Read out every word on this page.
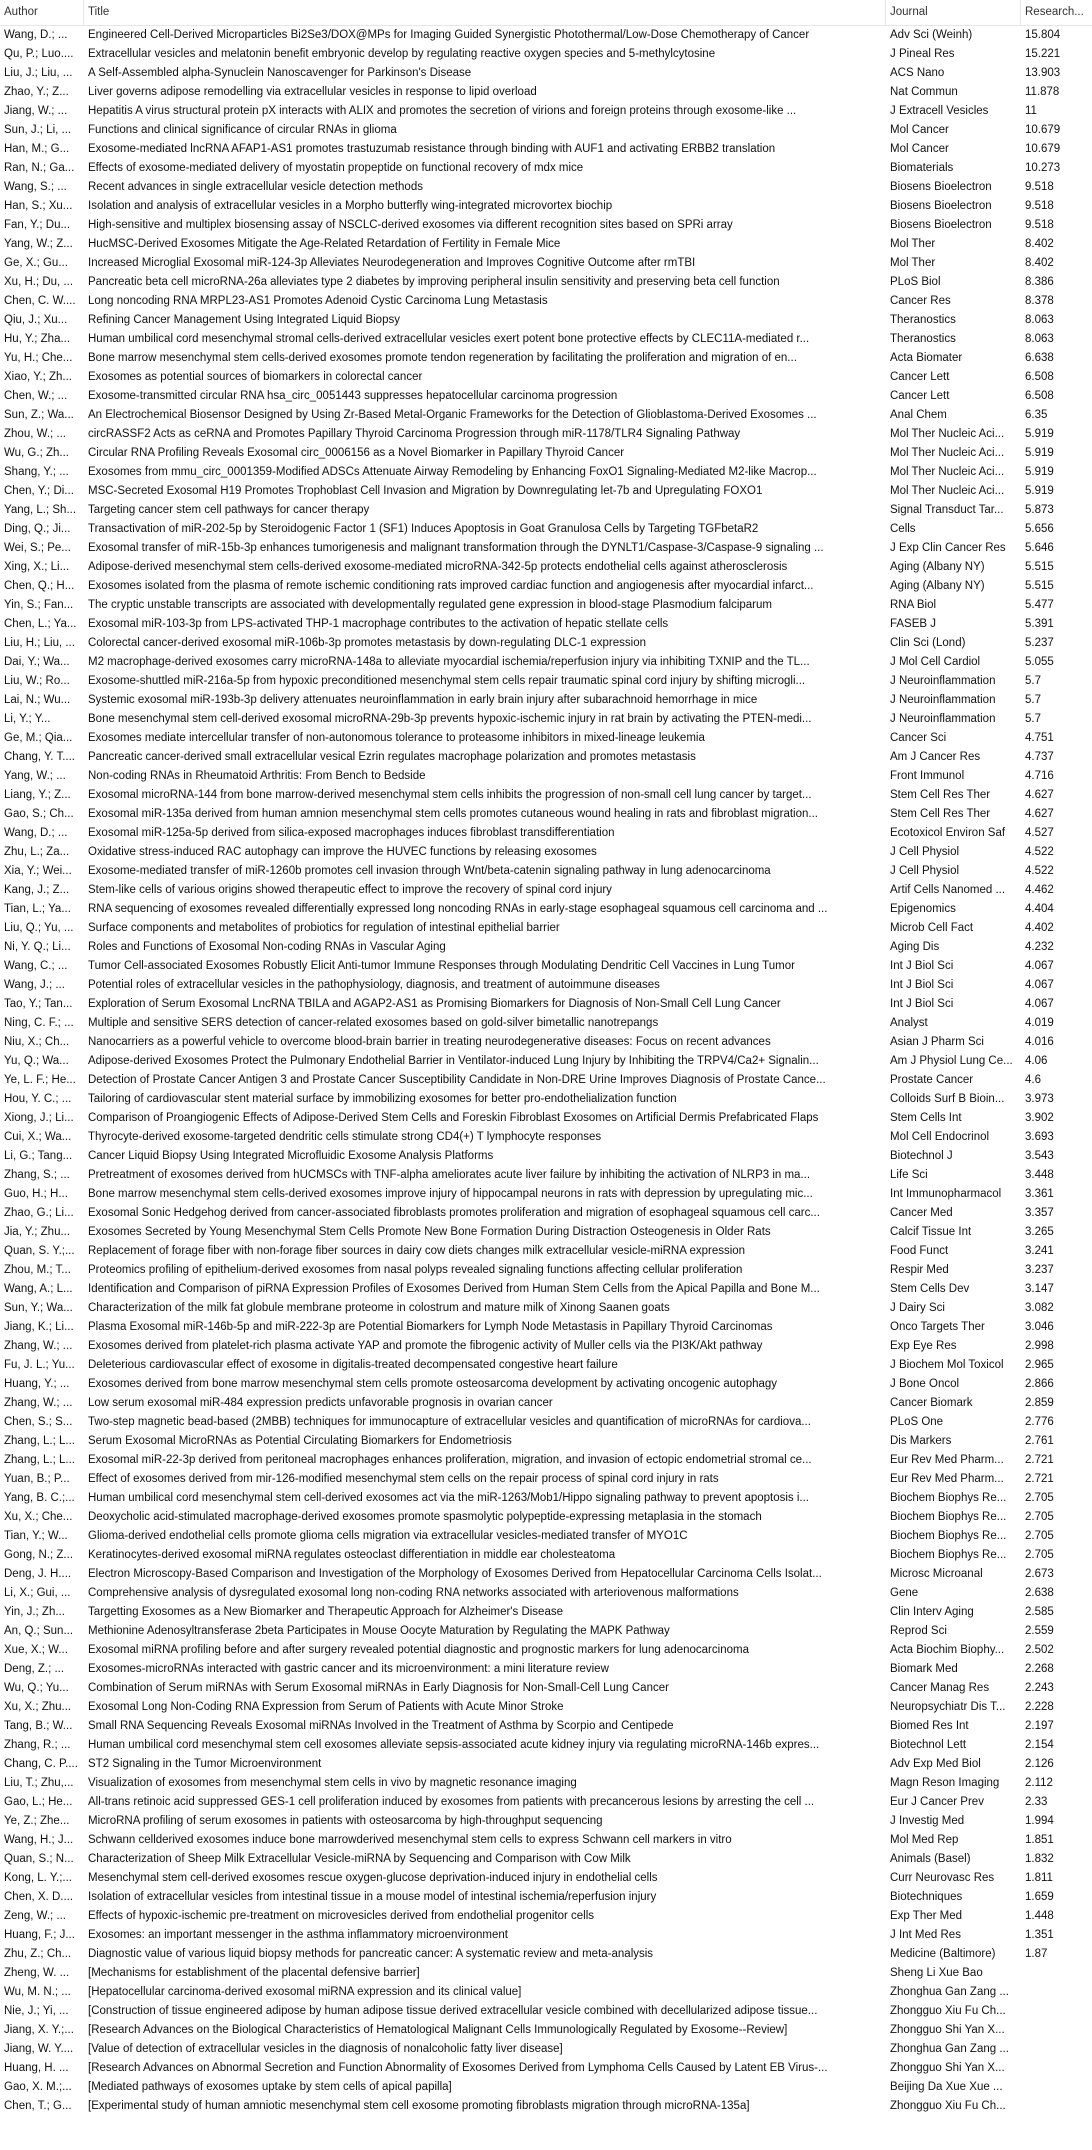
Author	Title	Journal	Research...
Wang, D.; ...	Engineered Cell-Derived Microparticles Bi2Se3/DOX@MPs for Imaging Guided Synergistic Photothermal/Low-Dose Chemotherapy of Cancer	Adv Sci (Weinh)	15.804
Qu, P.; Luo....	Extracellular vesicles and melatonin benefit embryonic develop by regulating reactive oxygen species and 5-methylcytosine	J Pineal Res	15.221
Liu, J.; Liu, ...	A Self-Assembled alpha-Synuclein Nanoscavenger for Parkinson's Disease	ACS Nano	13.903
Zhao, Y.; Z...	Liver governs adipose remodelling via extracellular vesicles in response to lipid overload	Nat Commun	11.878
Jiang, W.; ...	Hepatitis A virus structural protein pX interacts with ALIX and promotes the secretion of virions and foreign proteins through exosome-like ...	J Extracell Vesicles	11
Sun, J.; Li, ...	Functions and clinical significance of circular RNAs in glioma	Mol Cancer	10.679
Han, M.; G...	Exosome-mediated lncRNA AFAP1-AS1 promotes trastuzumab resistance through binding with AUF1 and activating ERBB2 translation	Mol Cancer	10.679
Ran, N.; Ga...	Effects of exosome-mediated delivery of myostatin propeptide on functional recovery of mdx mice	Biomaterials	10.273
Wang, S.; ...	Recent advances in single extracellular vesicle detection methods	Biosens Bioelectron	9.518
Han, S.; Xu...	Isolation and analysis of extracellular vesicles in a Morpho butterfly wing-integrated microvortex biochip	Biosens Bioelectron	9.518
Fan, Y.; Du...	High-sensitive and multiplex biosensing assay of NSCLC-derived exosomes via different recognition sites based on SPRi array	Biosens Bioelectron	9.518
Yang, W.; Z...	HucMSC-Derived Exosomes Mitigate the Age-Related Retardation of Fertility in Female Mice	Mol Ther	8.402
Ge, X.; Gu...	Increased Microglial Exosomal miR-124-3p Alleviates Neurodegeneration and Improves Cognitive Outcome after rmTBI	Mol Ther	8.402
Xu, H.; Du, ...	Pancreatic beta cell microRNA-26a alleviates type 2 diabetes by improving peripheral insulin sensitivity and preserving beta cell function	PLoS Biol	8.386
Chen, C. W....	Long noncoding RNA MRPL23-AS1 Promotes Adenoid Cystic Carcinoma Lung Metastasis	Cancer Res	8.378
Qiu, J.; Xu...	Refining Cancer Management Using Integrated Liquid Biopsy	Theranostics	8.063
Hu, Y.; Zha...	Human umbilical cord mesenchymal stromal cells-derived extracellular vesicles exert potent bone protective effects by CLEC11A-mediated r...	Theranostics	8.063
Yu, H.; Che...	Bone marrow mesenchymal stem cells-derived exosomes promote tendon regeneration by facilitating the proliferation and migration of en...	Acta Biomater	6.638
Xiao, Y.; Zh...	Exosomes as potential sources of biomarkers in colorectal cancer	Cancer Lett	6.508
Chen, W.; ...	Exosome-transmitted circular RNA hsa_circ_0051443 suppresses hepatocellular carcinoma progression	Cancer Lett	6.508
Sun, Z.; Wa...	An Electrochemical Biosensor Designed by Using Zr-Based Metal-Organic Frameworks for the Detection of Glioblastoma-Derived Exosomes ...	Anal Chem	6.35
Zhou, W.; ...	circRASSF2 Acts as ceRNA and Promotes Papillary Thyroid Carcinoma Progression through miR-1178/TLR4 Signaling Pathway	Mol Ther Nucleic Aci...	5.919
Wu, G.; Zh...	Circular RNA Profiling Reveals Exosomal circ_0006156 as a Novel Biomarker in Papillary Thyroid Cancer	Mol Ther Nucleic Aci...	5.919
Shang, Y.; ...	Exosomes from mmu_circ_0001359-Modified ADSCs Attenuate Airway Remodeling by Enhancing FoxO1 Signaling-Mediated M2-like Macrop...	Mol Ther Nucleic Aci...	5.919
Chen, Y.; Di...	MSC-Secreted Exosomal H19 Promotes Trophoblast Cell Invasion and Migration by Downregulating let-7b and Upregulating FOXO1	Mol Ther Nucleic Aci...	5.919
Yang, L.; Sh...	Targeting cancer stem cell pathways for cancer therapy	Signal Transduct Tar...	5.873
Ding, Q.; Ji...	Transactivation of miR-202-5p by Steroidogenic Factor 1 (SF1) Induces Apoptosis in Goat Granulosa Cells by Targeting TGFbetaR2	Cells	5.656
Wei, S.; Pe...	Exosomal transfer of miR-15b-3p enhances tumorigenesis and malignant transformation through the DYNLT1/Caspase-3/Caspase-9 signaling ...	J Exp Clin Cancer Res	5.646
Xing, X.; Li...	Adipose-derived mesenchymal stem cells-derived exosome-mediated microRNA-342-5p protects endothelial cells against atherosclerosis	Aging (Albany NY)	5.515
Chen, Q.; H...	Exosomes isolated from the plasma of remote ischemic conditioning rats improved cardiac function and angiogenesis after myocardial infarct...	Aging (Albany NY)	5.515
Yin, S.; Fan...	The cryptic unstable transcripts are associated with developmentally regulated gene expression in blood-stage Plasmodium falciparum	RNA Biol	5.477
Chen, L.; Ya...	Exosomal miR-103-3p from LPS-activated THP-1 macrophage contributes to the activation of hepatic stellate cells	FASEB J	5.391
Liu, H.; Liu, ...	Colorectal cancer-derived exosomal miR-106b-3p promotes metastasis by down-regulating DLC-1 expression	Clin Sci (Lond)	5.237
Dai, Y.; Wa...	M2 macrophage-derived exosomes carry microRNA-148a to alleviate myocardial ischemia/reperfusion injury via inhibiting TXNIP and the TL...	J Mol Cell Cardiol	5.055
Liu, W.; Ro...	Exosome-shuttled miR-216a-5p from hypoxic preconditioned mesenchymal stem cells repair traumatic spinal cord injury by shifting microgli...	J Neuroinflammation	5.7
Lai, N.; Wu...	Systemic exosomal miR-193b-3p delivery attenuates neuroinflammation in early brain injury after subarachnoid hemorrhage in mice	J Neuroinflammation	5.7
Li, Y.; Y...	Bone mesenchymal stem cell-derived exosomal microRNA-29b-3p prevents hypoxic-ischemic injury in rat brain by activating the PTEN-medi...	J Neuroinflammation	5.7
Ge, M.; Qia...	Exosomes mediate intercellular transfer of non-autonomous tolerance to proteasome inhibitors in mixed-lineage leukemia	Cancer Sci	4.751
Chang, Y. T....	Pancreatic cancer-derived small extracellular vesical Ezrin regulates macrophage polarization and promotes metastasis	Am J Cancer Res	4.737
Yang, W.; ...	Non-coding RNAs in Rheumatoid Arthritis: From Bench to Bedside	Front Immunol	4.716
Liang, Y.; Z...	Exosomal microRNA-144 from bone marrow-derived mesenchymal stem cells inhibits the progression of non-small cell lung cancer by target...	Stem Cell Res Ther	4.627
Gao, S.; Ch...	Exosomal miR-135a derived from human amnion mesenchymal stem cells promotes cutaneous wound healing in rats and fibroblast migration...	Stem Cell Res Ther	4.627
Wang, D.; ...	Exosomal miR-125a-5p derived from silica-exposed macrophages induces fibroblast transdifferentiation	Ecotoxicol Environ Saf	4.527
Zhu, L.; Za...	Oxidative stress-induced RAC autophagy can improve the HUVEC functions by releasing exosomes	J Cell Physiol	4.522
Xia, Y.; Wei...	Exosome-mediated transfer of miR-1260b promotes cell invasion through Wnt/beta-catenin signaling pathway in lung adenocarcinoma	J Cell Physiol	4.522
Kang, J.; Z...	Stem-like cells of various origins showed therapeutic effect to improve the recovery of spinal cord injury	Artif Cells Nanomed ...	4.462
Tian, L.; Ya...	RNA sequencing of exosomes revealed differentially expressed long noncoding RNAs in early-stage esophageal squamous cell carcinoma and ...	Epigenomics	4.404
Liu, Q.; Yu, ...	Surface components and metabolites of probiotics for regulation of intestinal epithelial barrier	Microb Cell Fact	4.402
Ni, Y. Q.; Li...	Roles and Functions of Exosomal Non-coding RNAs in Vascular Aging	Aging Dis	4.232
Wang, C.; ...	Tumor Cell-associated Exosomes Robustly Elicit Anti-tumor Immune Responses through Modulating Dendritic Cell Vaccines in Lung Tumor	Int J Biol Sci	4.067
Wang, J.; ...	Potential roles of extracellular vesicles in the pathophysiology, diagnosis, and treatment of autoimmune diseases	Int J Biol Sci	4.067
Tao, Y.; Tan...	Exploration of Serum Exosomal LncRNA TBILA and AGAP2-AS1 as Promising Biomarkers for Diagnosis of Non-Small Cell Lung Cancer	Int J Biol Sci	4.067
Ning, C. F.; ...	Multiple and sensitive SERS detection of cancer-related exosomes based on gold-silver bimetallic nanotrepangs	Analyst	4.019
Niu, X.; Ch...	Nanocarriers as a powerful vehicle to overcome blood-brain barrier in treating neurodegenerative diseases: Focus on recent advances	Asian J Pharm Sci	4.016
Yu, Q.; Wa...	Adipose-derived Exosomes Protect the Pulmonary Endothelial Barrier in Ventilator-induced Lung Injury by Inhibiting the TRPV4/Ca2+ Signalin...	Am J Physiol Lung Ce...	4.06
Ye, L. F.; He...	Detection of Prostate Cancer Antigen 3 and Prostate Cancer Susceptibility Candidate in Non-DRE Urine Improves Diagnosis of Prostate Cance...	Prostate Cancer	4.6
Hou, Y. C.; ...	Tailoring of cardiovascular stent material surface by immobilizing exosomes for better pro-endothelialization function	Colloids Surf B Bioin...	3.973
Xiong, J.; Li...	Comparison of Proangiogenic Effects of Adipose-Derived Stem Cells and Foreskin Fibroblast Exosomes on Artificial Dermis Prefabricated Flaps	Stem Cells Int	3.902
Cui, X.; Wa...	Thyrocyte-derived exosome-targeted dendritic cells stimulate strong CD4(+) T lymphocyte responses	Mol Cell Endocrinol	3.693
Li, G.; Tang...	Cancer Liquid Biopsy Using Integrated Microfluidic Exosome Analysis Platforms	Biotechnol J	3.543
Zhang, S.; ...	Pretreatment of exosomes derived from hUCMSCs with TNF-alpha ameliorates acute liver failure by inhibiting the activation of NLRP3 in ma...	Life Sci	3.448
Guo, H.; H...	Bone marrow mesenchymal stem cells-derived exosomes improve injury of hippocampal neurons in rats with depression by upregulating mic...	Int Immunopharmacol	3.361
Zhao, G.; Li...	Exosomal Sonic Hedgehog derived from cancer-associated fibroblasts promotes proliferation and migration of esophageal squamous cell carc...	Cancer Med	3.357
Jia, Y.; Zhu...	Exosomes Secreted by Young Mesenchymal Stem Cells Promote New Bone Formation During Distraction Osteogenesis in Older Rats	Calcif Tissue Int	3.265
Quan, S. Y.;...	Replacement of forage fiber with non-forage fiber sources in dairy cow diets changes milk extracellular vesicle-miRNA expression	Food Funct	3.241
Zhou, M.; T...	Proteomics profiling of epithelium-derived exosomes from nasal polyps revealed signaling functions affecting cellular proliferation	Respir Med	3.237
Wang, A.; L...	Identification and Comparison of piRNA Expression Profiles of Exosomes Derived from Human Stem Cells from the Apical Papilla and Bone M...	Stem Cells Dev	3.147
Sun, Y.; Wa...	Characterization of the milk fat globule membrane proteome in colostrum and mature milk of Xinong Saanen goats	J Dairy Sci	3.082
Jiang, K.; Li...	Plasma Exosomal miR-146b-5p and miR-222-3p are Potential Biomarkers for Lymph Node Metastasis in Papillary Thyroid Carcinomas	Onco Targets Ther	3.046
Zhang, W.; ...	Exosomes derived from platelet-rich plasma activate YAP and promote the fibrogenic activity of Muller cells via the PI3K/Akt pathway	Exp Eye Res	2.998
Fu, J. L.; Yu...	Deleterious cardiovascular effect of exosome in digitalis-treated decompensated congestive heart failure	J Biochem Mol Toxicol	2.965
Huang, Y.; ...	Exosomes derived from bone marrow mesenchymal stem cells promote osteosarcoma development by activating oncogenic autophagy	J Bone Oncol	2.866
Zhang, W.; ...	Low serum exosomal miR-484 expression predicts unfavorable prognosis in ovarian cancer	Cancer Biomark	2.859
Chen, S.; S...	Two-step magnetic bead-based (2MBB) techniques for immunocapture of extracellular vesicles and quantification of microRNAs for cardiova...	PLoS One	2.776
Zhang, L.; L...	Serum Exosomal MicroRNAs as Potential Circulating Biomarkers for Endometriosis	Dis Markers	2.761
Zhang, L.; L...	Exosomal miR-22-3p derived from peritoneal macrophages enhances proliferation, migration, and invasion of ectopic endometrial stromal ce...	Eur Rev Med Pharm...	2.721
Yuan, B.; P...	Effect of exosomes derived from mir-126-modified mesenchymal stem cells on the repair process of spinal cord injury in rats	Eur Rev Med Pharm...	2.721
Yang, B. C.;...	Human umbilical cord mesenchymal stem cell-derived exosomes act via the miR-1263/Mob1/Hippo signaling pathway to prevent apoptosis i...	Biochem Biophys Re...	2.705
Xu, X.; Che...	Deoxycholic acid-stimulated macrophage-derived exosomes promote spasmolytic polypeptide-expressing metaplasia in the stomach	Biochem Biophys Re...	2.705
Tian, Y.; W...	Glioma-derived endothelial cells promote glioma cells migration via extracellular vesicles-mediated transfer of MYO1C	Biochem Biophys Re...	2.705
Gong, N.; Z...	Keratinocytes-derived exosomal miRNA regulates osteoclast differentiation in middle ear cholesteatoma	Biochem Biophys Re...	2.705
Deng, J. H....	Electron Microscopy-Based Comparison and Investigation of the Morphology of Exosomes Derived from Hepatocellular Carcinoma Cells Isolat...	Microsc Microanal	2.673
Li, X.; Gui, ...	Comprehensive analysis of dysregulated exosomal long non-coding RNA networks associated with arteriovenous malformations	Gene	2.638
Yin, J.; Zh...	Targetting Exosomes as a New Biomarker and Therapeutic Approach for Alzheimer's Disease	Clin Interv Aging	2.585
An, Q.; Sun...	Methionine Adenosyltransferase 2beta Participates in Mouse Oocyte Maturation by Regulating the MAPK Pathway	Reprod Sci	2.559
Xue, X.; W...	Exosomal miRNA profiling before and after surgery revealed potential diagnostic and prognostic markers for lung adenocarcinoma	Acta Biochim Biophy...	2.502
Deng, Z.; ...	Exosomes-microRNAs interacted with gastric cancer and its microenvironment: a mini literature review	Biomark Med	2.268
Wu, Q.; Yu...	Combination of Serum miRNAs with Serum Exosomal miRNAs in Early Diagnosis for Non-Small-Cell Lung Cancer	Cancer Manag Res	2.243
Xu, X.; Zhu...	Exosomal Long Non-Coding RNA Expression from Serum of Patients with Acute Minor Stroke	Neuropsychiatr Dis T...	2.228
Tang, B.; W...	Small RNA Sequencing Reveals Exosomal miRNAs Involved in the Treatment of Asthma by Scorpio and Centipede	Biomed Res Int	2.197
Zhang, R.; ...	Human umbilical cord mesenchymal stem cell exosomes alleviate sepsis-associated acute kidney injury via regulating microRNA-146b expres...	Biotechnol Lett	2.154
Chang, C. P.... ST2 Signaling in the Tumor Microenvironment	Adv Exp Med Biol	2.126
Liu, T.; Zhu,...	Visualization of exosomes from mesenchymal stem cells in vivo by magnetic resonance imaging	Magn Reson Imaging	2.112
Gao, L.; He...	All-trans retinoic acid suppressed GES-1 cell proliferation induced by exosomes from patients with precancerous lesions by arresting the cell ...	Eur J Cancer Prev	2.33
Ye, Z.; Zhe...	MicroRNA profiling of serum exosomes in patients with osteosarcoma by high-throughput sequencing	J Investig Med	1.994
Wang, H.; J...	Schwann cellderived exosomes induce bone marrowderived mesenchymal stem cells to express Schwann cell markers in vitro	Mol Med Rep	1.851
Quan, S.; N...	Characterization of Sheep Milk Extracellular Vesicle-miRNA by Sequencing and Comparison with Cow Milk	Animals (Basel)	1.832
Kong, L. Y.;...	Mesenchymal stem cell-derived exosomes rescue oxygen-glucose deprivation-induced injury in endothelial cells	Curr Neurovasc Res	1.811
Chen, X. D....	Isolation of extracellular vesicles from intestinal tissue in a mouse model of intestinal ischemia/reperfusion injury	Biotechniques	1.659
Zeng, W.; ...	Effects of hypoxic-ischemic pre-treatment on microvesicles derived from endothelial progenitor cells	Exp Ther Med	1.448
Huang, F.; J...	Exosomes: an important messenger in the asthma inflammatory microenvironment	J Int Med Res	1.351
Zhu, Z.; Ch...	Diagnostic value of various liquid biopsy methods for pancreatic cancer: A systematic review and meta-analysis	Medicine (Baltimore)	1.87
Zheng, W. ...	[Mechanisms for establishment of the placental defensive barrier]	Sheng Li Xue Bao
Wu, M. N.; ...	[Hepatocellular carcinoma-derived exosomal miRNA expression and its clinical value]	Zhonghua Gan Zang ...
Nie, J.; Yi, ...	[Construction of tissue engineered adipose by human adipose tissue derived extracellular vesicle combined with decellularized adipose tissue...	Zhongguo Xiu Fu Ch...
Jiang, X. Y.;...	[Research Advances on the Biological Characteristics of Hematological Malignant Cells Immunologically Regulated by Exosome--Review]	Zhongguo Shi Yan X...
Jiang, W. Y....	[Value of detection of extracellular vesicles in the diagnosis of nonalcoholic fatty liver disease]	Zhonghua Gan Zang ...
Huang, H. ...	[Research Advances on Abnormal Secretion and Function Abnormality of Exosomes Derived from Lymphoma Cells Caused by Latent EB Virus-...	Zhongguo Shi Yan X...
Gao, X. M.;...	[Mediated pathways of exosomes uptake by stem cells of apical papilla]	Beijing Da Xue Xue ...
Chen, T.; G...	[Experimental study of human amniotic mesenchymal stem cell exosome promoting fibroblasts migration through microRNA-135a]	Zhongguo Xiu Fu Ch...
